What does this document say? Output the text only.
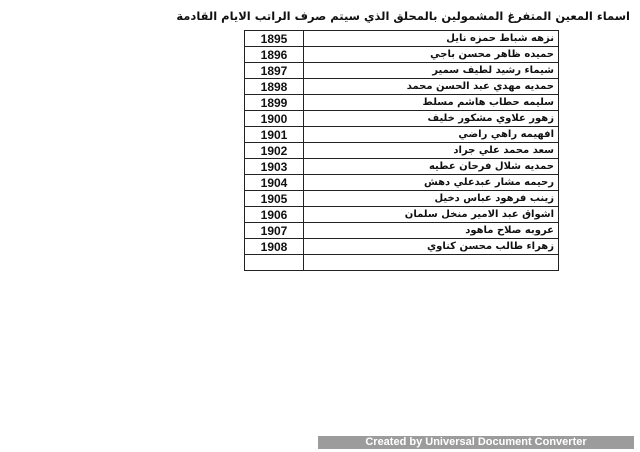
اسماء المعين المتفرغ المشمولين بالمحلق الذي سيتم صرف الراتب الايام القادمة
1895	نزهه شباط حمزه نايل
1896	حميده ظاهر محسن باجي
1897	شيماء رشيد لطيف سمير
1898	حمديه مهدي عبد الحسن محمد
1899	سليمه حطاب هاشم مسلط
1900	زهور علاوي مشكور خليف
1901	افهيمه راهي راضي
1902	سعد محمد علي جراد
1903	حمديه شلال فرحان عطيه
1904	رحيمه مشار عبدعلي دهش
1905	زينب فرهود عباس دخيل
1906	اشواق عبد الامير منخل سلمان
1907	عروبه صلاح ماهود
1908	زهراء طالب محسن كناوي

Created by Universal Document Converter
